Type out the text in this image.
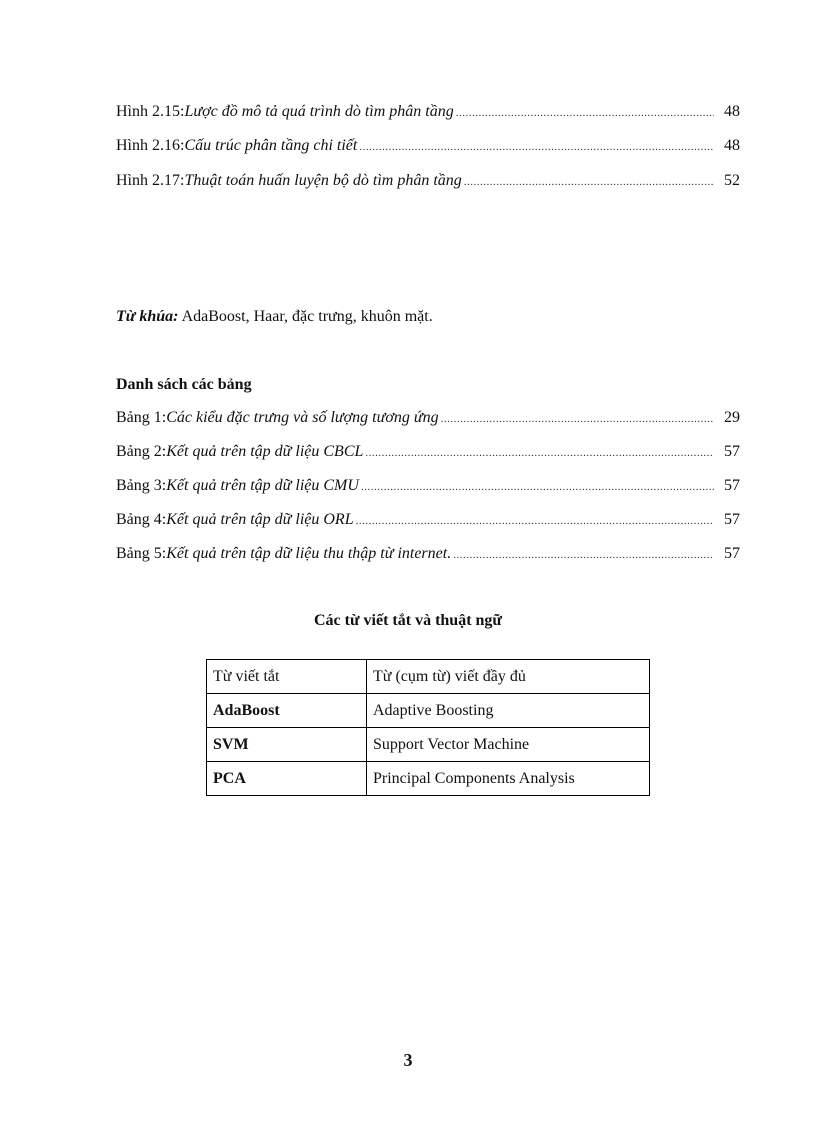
Hình 2.15: Lược đồ mô tả quá trình dò tìm phân tầng .....	48
Hình 2.16: Cấu trúc phân tầng chi tiết .....	48
Hình 2.17: Thuật toán huấn luyện bộ dò tìm phân tầng .....	52
Từ khúa: AdaBoost, Haar, đặc trưng, khuôn mặt.
Danh sách các bảng
Bảng 1: Các kiểu đặc trưng và số lượng tương ứng .....	29
Bảng 2: Kết quả trên tập dữ liệu CBCL .....	57
Bảng 3: Kết quả trên tập dữ liệu CMU .....	57
Bảng 4: Kết quả trên tập dữ liệu ORL .....	57
Bảng 5: Kết quả trên tập dữ liệu thu thập từ internet. .....	57
Các từ viết tắt và thuật ngữ
Từ viết tắt	Từ (cụm từ) viết đầy đủ
AdaBoost	Adaptive Boosting
SVM	Support Vector Machine
PCA	Principal Components Analysis
3
